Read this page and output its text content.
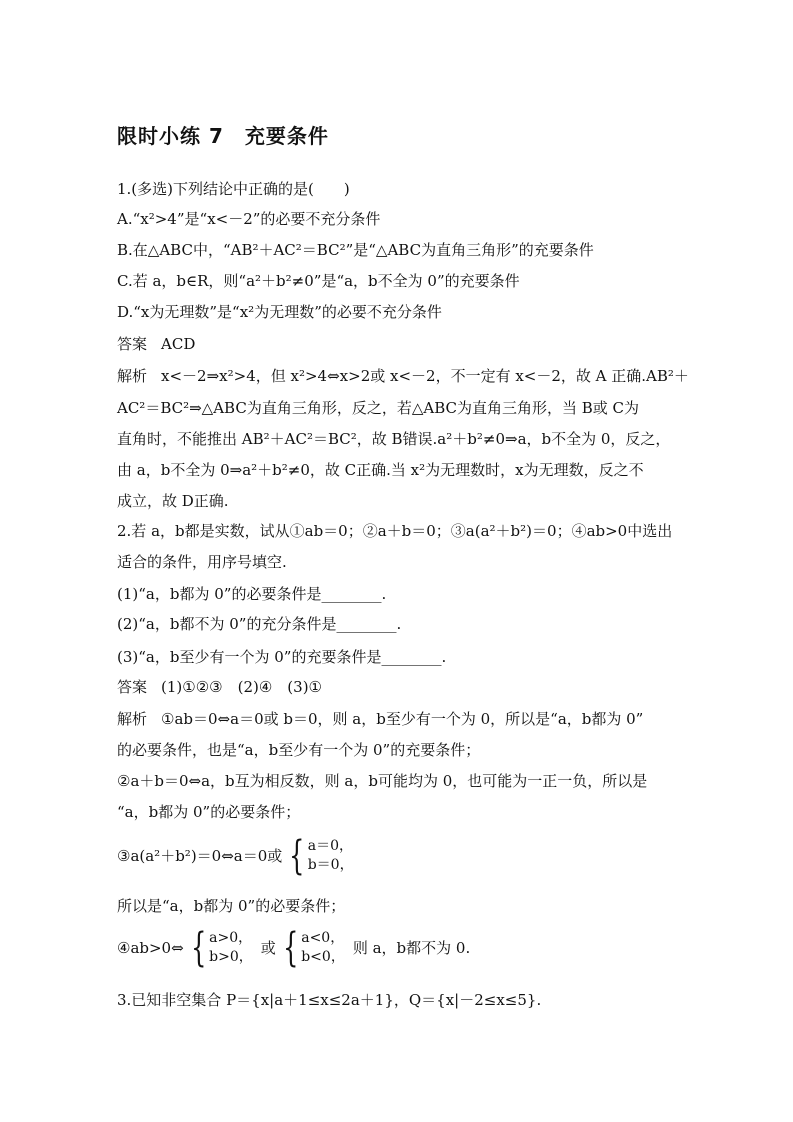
限时小练 7　充要条件
1.(多选)下列结论中正确的是(　　)
A.“x²>4”是“x<－2”的必要不充分条件
B.在△ABC中，“AB²＋AC²＝BC²”是“△ABC为直角三角形”的充要条件
C.若 a，b∈R，则“a²＋b²≠0”是“a，b不全为 0”的充要条件
D.“x为无理数”是“x²为无理数”的必要不充分条件
答案 ACD
解析 x<－2⇒x²>4，但 x²>4⇔x>2或 x<－2，不一定有 x<－2，故 A 正确.AB²＋
AC²＝BC²⇒△ABC为直角三角形，反之，若△ABC为直角三角形，当 B或 C为
直角时，不能推出 AB²＋AC²＝BC²，故 B错误.a²＋b²≠0⇒a，b不全为 0，反之，
由 a，b不全为 0⇒a²＋b²≠0，故 C正确.当 x²为无理数时，x为无理数，反之不
成立，故 D正确.
2.若 a，b都是实数，试从①ab＝0；②a＋b＝0；③a(a²＋b²)＝0；④ab>0中选出
适合的条件，用序号填空.
(1)“a，b都为 0”的必要条件是________.
(2)“a，b都不为 0”的充分条件是________.
(3)“a，b至少有一个为 0”的充要条件是________.
答案 (1)①②③　(2)④　(3)①
解析 ①ab＝0⇔a＝0或 b＝0，则 a，b至少有一个为 0，所以是“a，b都为 0”
的必要条件，也是“a，b至少有一个为 0”的充要条件；
②a＋b＝0⇔a，b互为相反数，则 a，b可能均为 0，也可能为一正一负，所以是
“a，b都为 0”的必要条件；
③a(a²＋b²)＝0⇔a＝0或 { a＝0，
b＝0，
所以是“a，b都为 0”的必要条件；
④ab>0⇔ { a>0，
b>0， 或 { a<0，
b<0， 则 a，b都不为 0.
3.已知非空集合 P＝{x|a＋1≤x≤2a＋1}，Q＝{x|－2≤x≤5}.
